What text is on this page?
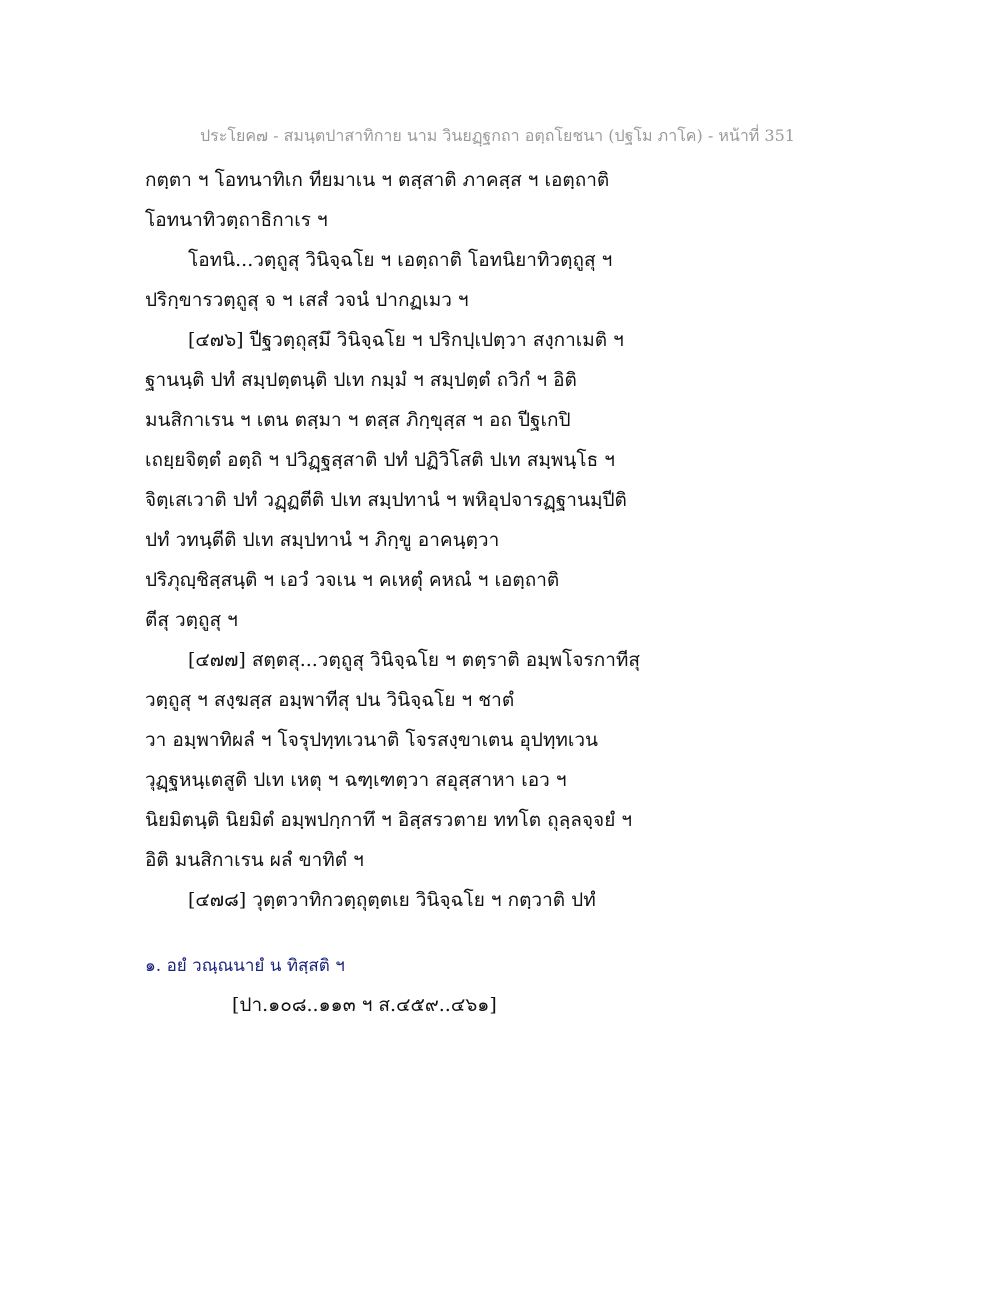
ประโยค๗ - สมนฺตปาสาทิกาย นาม วินยฏฺฐกถา อตฺถโยชนา (ปฐโม ภาโค) - หน้าที่ 351
กตฺตา ฯ โอทนาทิเก ทียมาเน ฯ ตสฺสาติ ภาคสฺส ฯ เอตฺถาติ
โอทนาทิวตฺถาธิกาเร ฯ
โอทนิ...วตฺถูสุ วินิจฺฉโย ฯ เอตฺถาติ โอทนิยาทิวตฺถูสุ ฯ
ปริกฺขารวตฺถูสุ จ ฯ เสสํ วจนํ ปากฏเมว ฯ
[๔๗๖] ปีฐวตฺถุสฺมึ วินิจฺฉโย ฯ ปริกปฺเปตฺวา สงฺกาเมติ ฯ
ฐานนฺติ ปทํ สมฺปตฺตนฺติ ปเท กมฺมํ ฯ สมฺปตฺตํ ถวิกํ ฯ อิติ
มนสิกาเรน ฯ เตน ตสฺมา ฯ ตสฺส ภิกฺขุสฺส ฯ อถ ปีฐเกปิ
เถยฺยจิตฺตํ อตฺถิ ฯ ปวิฏฺฐสฺสาติ ปทํ ปฏิวิโสติ ปเท สมฺพนฺโธ ฯ
จิตฺเสเวาติ ปทํ วฏฺฏตีติ ปเท สมฺปทานํ ฯ พหิอุปจารฏฺฐานมฺปีติ
ปทํ วทนฺตีติ ปเท สมฺปทานํ ฯ ภิกฺขู อาคนฺตฺวา
ปริภุญฺชิสฺสนฺติ ฯ เอวํ วจเน ฯ คเหตุํ คหณํ ฯ เอตฺถาติ
ตีสุ วตฺถูสุ ฯ
[๔๗๗] สตฺตสุ...วตฺถูสุ วินิจฺฉโย ฯ ตตฺราติ อมฺพโจรกาทีสุ
วตฺถูสุ ฯ สงฺฆสฺส อมฺพาทีสุ ปน วินิจฺฉโย ฯ ชาตํ
วา อมฺพาทิผลํ ฯ โจรุปทฺทเวนาติ โจรสงฺขาเตน อุปทฺทเวน
วุฏฺฐหนฺเตสูติ ปเท เหตุ ฯ ฉฑฺเฑตฺวา สอุสฺสาหา เอว ฯ
นิยมิตนฺติ นิยมิตํ อมฺพปกฺกาทึ ฯ อิสฺสรวตาย ททโต ถุลฺลจฺจยํ ฯ
อิติ มนสิกาเรน ผลํ ขาทิตํ ฯ
[๔๗๘] วุตฺตวาทิกวตฺถุตฺตเย วินิจฺฉโย ฯ กตฺวาติ ปทํ
๑. อยํ วณฺณนายํ น ทิสฺสติ ฯ
[ปา.๑๐๘..๑๑๓ ฯ ส.๔๕๙..๔๖๑]
